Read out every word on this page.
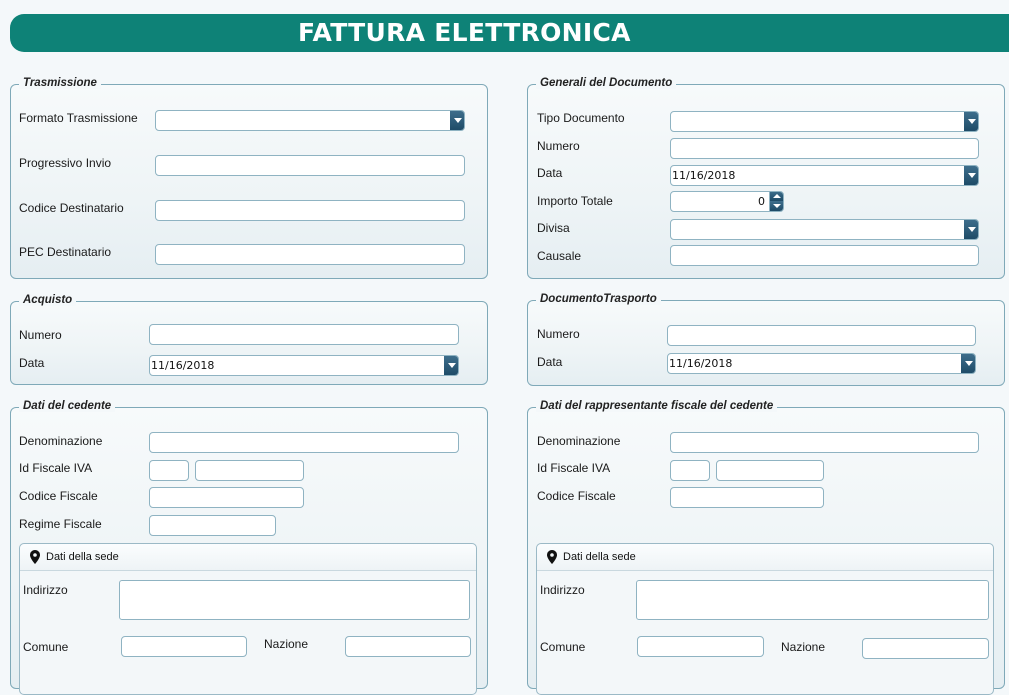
FATTURA ELETTRONICA
Trasmissione
Formato Trasmissione
Progressivo Invio
Codice Destinatario
PEC Destinatario
Generali del Documento
Tipo Documento
Numero
Data	11/16/2018
Importo Totale	0
Divisa
Causale
Acquisto
Numero
Data	11/16/2018
DocumentoTrasporto
Numero
Data	11/16/2018
Dati del cedente
Denominazione
Id Fiscale IVA
Codice Fiscale
Regime Fiscale
Dati della sede
Indirizzo
Comune	Nazione
Dati del rappresentante fiscale del cedente
Denominazione
Id Fiscale IVA
Codice Fiscale
Dati della sede
Indirizzo
Comune	Nazione
